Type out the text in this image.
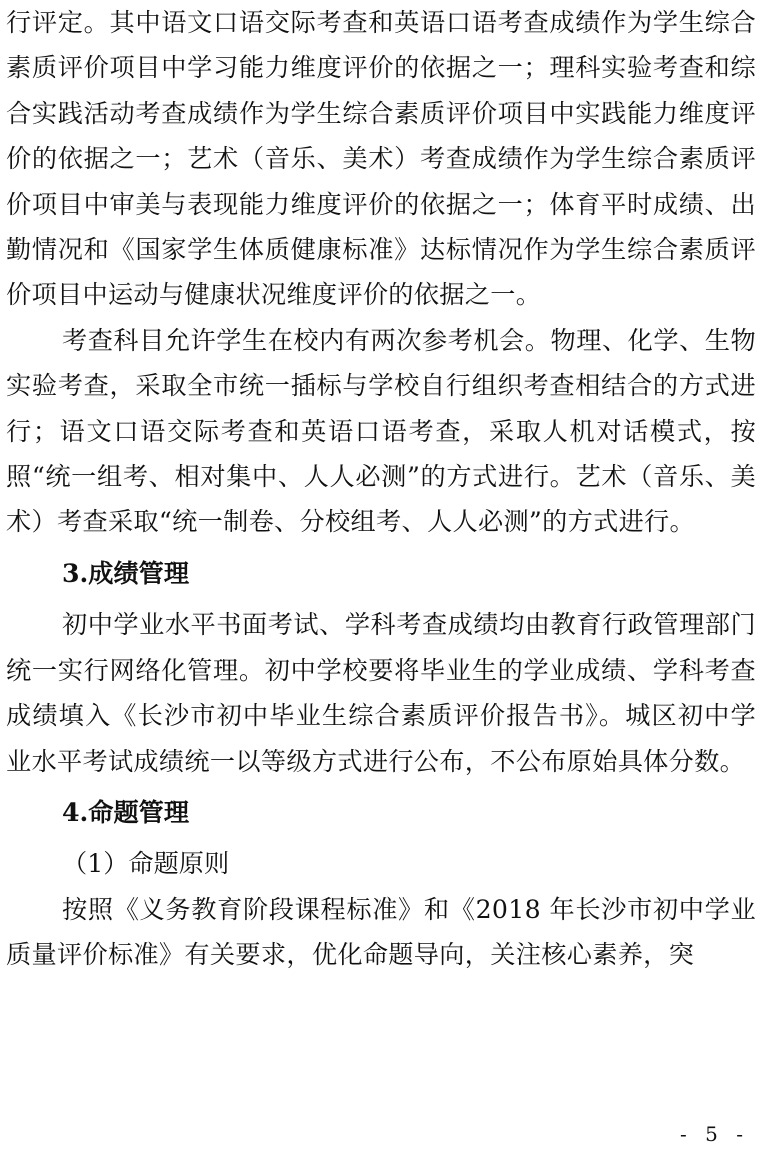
行评定。其中语文口语交际考查和英语口语考查成绩作为学生综合素质评价项目中学习能力维度评价的依据之一；理科实验考查和综合实践活动考查成绩作为学生综合素质评价项目中实践能力维度评价的依据之一；艺术（音乐、美术）考查成绩作为学生综合素质评价项目中审美与表现能力维度评价的依据之一；体育平时成绩、出勤情况和《国家学生体质健康标准》达标情况作为学生综合素质评价项目中运动与健康状况维度评价的依据之一。

考查科目允许学生在校内有两次参考机会。物理、化学、生物实验考查，采取全市统一插标与学校自行组织考查相结合的方式进行；语文口语交际考查和英语口语考查，采取人机对话模式，按照“统一组考、相对集中、人人必测”的方式进行。艺术（音乐、美术）考查采取“统一制卷、分校组考、人人必测”的方式进行。

3.成绩管理

初中学业水平书面考试、学科考查成绩均由教育行政管理部门统一实行网络化管理。初中学校要将毕业生的学业成绩、学科考查成绩填入《长沙市初中毕业生综合素质评价报告书》。城区初中学业水平考试成绩统一以等级方式进行公布，不公布原始具体分数。

4.命题管理

（1）命题原则

按照《义务教育阶段课程标准》和《2018 年长沙市初中学业质量评价标准》有关要求，优化命题导向，关注核心素养，突

- 5 -
